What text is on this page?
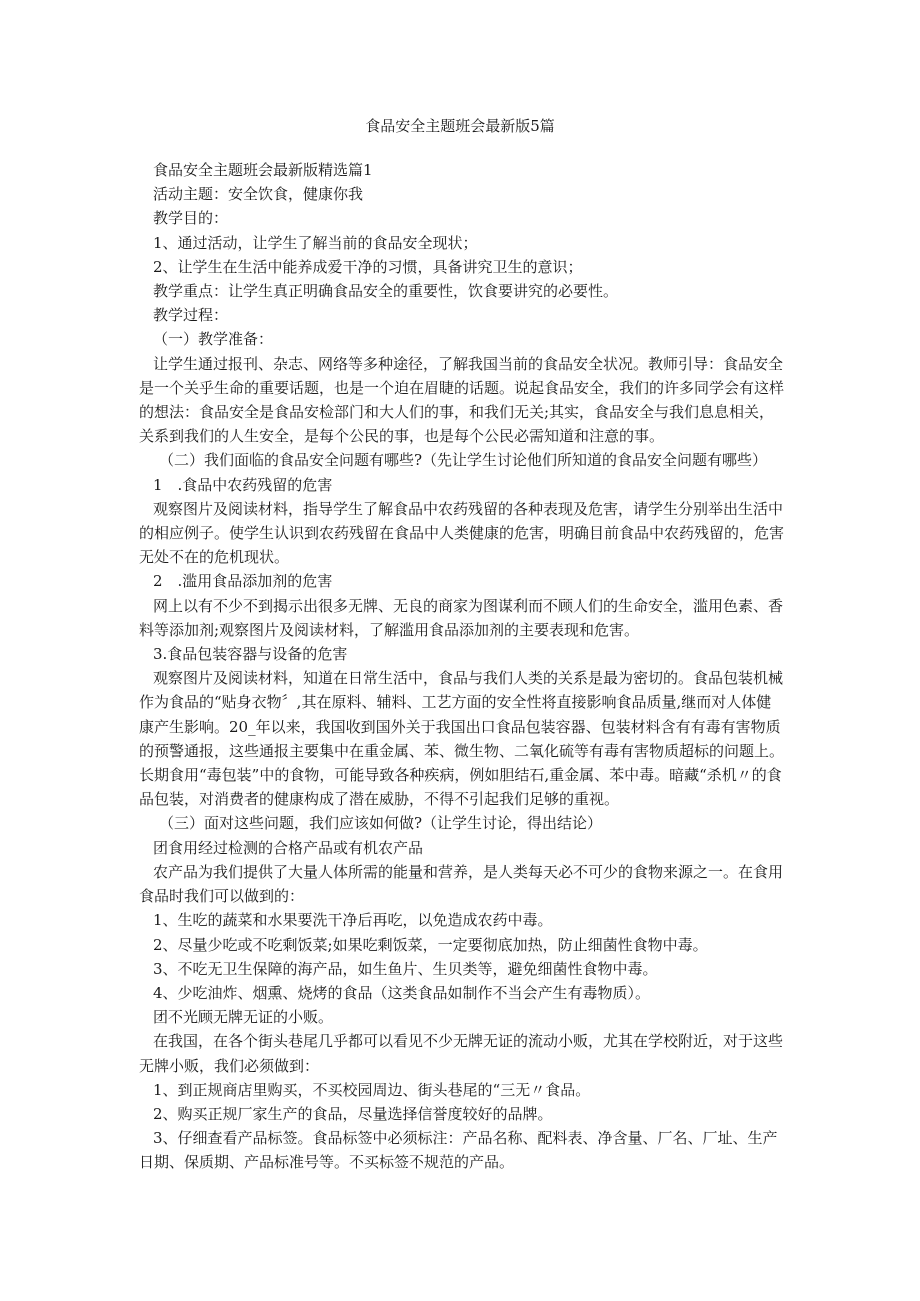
食品安全主题班会最新版5篇

食品安全主题班会最新版精选篇1

活动主题：安全饮食，健康你我

教学目的：

1、通过活动，让学生了解当前的食品安全现状；

2、让学生在生活中能养成爱干净的习惯，具备讲究卫生的意识；

教学重点：让学生真正明确食品安全的重要性，饮食要讲究的必要性。

教学过程：

（一）教学准备：

让学生通过报刊、杂志、网络等多种途径，了解我国当前的食品安全状况。教师引导：食品安全是一个关乎生命的重要话题，也是一个迫在眉睫的话题。说起食品安全，我们的许多同学会有这样的想法：食品安全是食品安检部门和大人们的事，和我们无关;其实，食品安全与我们息息相关，关系到我们的人生安全，是每个公民的事，也是每个公民必需知道和注意的事。

（二）我们面临的食品安全问题有哪些?（先让学生讨论他们所知道的食品安全问题有哪些）

1　.食品中农药残留的危害

观察图片及阅读材料，指导学生了解食品中农药残留的各种表现及危害，请学生分别举出生活中的相应例子。使学生认识到农药残留在食品中人类健康的危害，明确目前食品中农药残留的，危害无处不在的危机现状。

2　.滥用食品添加剂的危害

网上以有不少不到揭示出很多无牌、无良的商家为图谋利而不顾人们的生命安全，滥用色素、香料等添加剂;观察图片及阅读材料，了解滥用食品添加剂的主要表现和危害。

3.食品包装容器与设备的危害

观察图片及阅读材料，知道在日常生活中，食品与我们人类的关系是最为密切的。食品包装机械作为食品的“贴身衣物〞,其在原料、辅料、工艺方面的安全性将直接影响食品质量,继而对人体健康产生影响。20_年以来，我国收到国外关于我国出口食品包装容器、包装材料含有有毒有害物质的预警通报，这些通报主要集中在重金属、苯、微生物、二氧化硫等有毒有害物质超标的问题上。长期食用“毒包装”中的食物，可能导致各种疾病，例如胆结石,重金属、苯中毒。暗藏“杀机〃的食品包装，对消费者的健康构成了潜在威胁，不得不引起我们足够的重视。

（三）面对这些问题，我们应该如何做?（让学生讨论，得出结论）

团食用经过检测的合格产品或有机农产品

农产品为我们提供了大量人体所需的能量和营养，是人类每天必不可少的食物来源之一。在食用食品时我们可以做到的：

1、生吃的蔬菜和水果要洗干净后再吃，以免造成农药中毒。

2、尽量少吃或不吃剩饭菜;如果吃剩饭菜，一定要彻底加热，防止细菌性食物中毒。

3、不吃无卫生保障的海产品，如生鱼片、生贝类等，避免细菌性食物中毒。

4、少吃油炸、烟熏、烧烤的食品（这类食品如制作不当会产生有毒物质）。

团不光顾无牌无证的小贩。

在我国，在各个街头巷尾几乎都可以看见不少无牌无证的流动小贩，尤其在学校附近，对于这些无牌小贩，我们必须做到：

1、到正规商店里购买，不买校园周边、街头巷尾的“三无〃食品。

2、购买正规厂家生产的食品，尽量选择信誉度较好的品牌。

3、仔细查看产品标签。食品标签中必须标注：产品名称、配料表、净含量、厂名、厂址、生产日期、保质期、产品标准号等。不买标签不规范的产品。
